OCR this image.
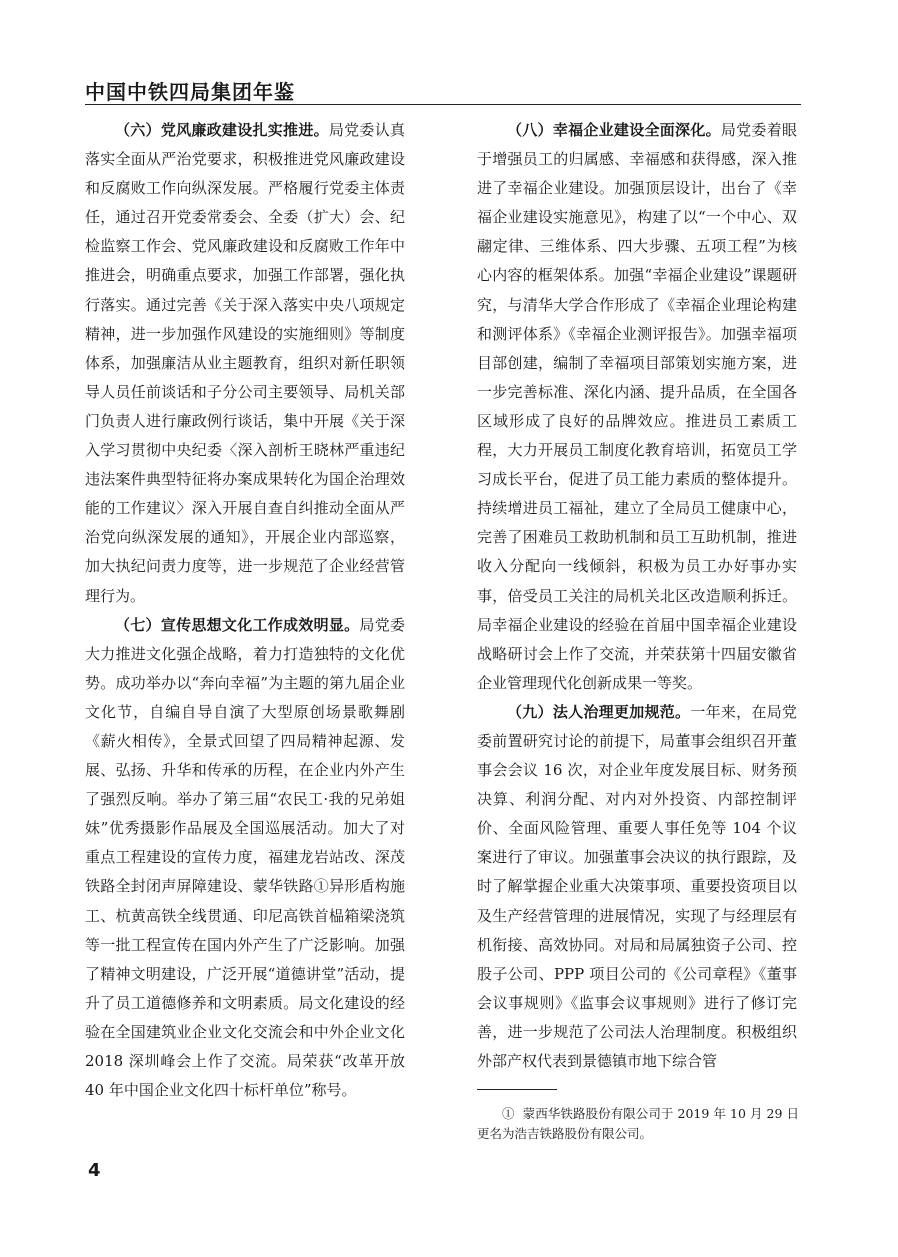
中国中铁四局集团年鉴

（六）党风廉政建设扎实推进。局党委认真落实全面从严治党要求，积极推进党风廉政建设和反腐败工作向纵深发展。严格履行党委主体责任，通过召开党委常委会、全委（扩大）会、纪检监察工作会、党风廉政建设和反腐败工作年中推进会，明确重点要求，加强工作部署，强化执行落实。通过完善《关于深入落实中央八项规定精神，进一步加强作风建设的实施细则》等制度体系，加强廉洁从业主题教育，组织对新任职领导人员任前谈话和子分公司主要领导、局机关部门负责人进行廉政例行谈话，集中开展《关于深入学习贯彻中央纪委〈深入剖析王晓林严重违纪违法案件典型特征将办案成果转化为国企治理效能的工作建议〉深入开展自查自纠推动全面从严治党向纵深发展的通知》，开展企业内部巡察，加大执纪问责力度等，进一步规范了企业经营管理行为。

（七）宣传思想文化工作成效明显。局党委大力推进文化强企战略，着力打造独特的文化优势。成功举办以“奔向幸福”为主题的第九届企业文化节，自编自导自演了大型原创场景歌舞剧《薪火相传》，全景式回望了四局精神起源、发展、弘扬、升华和传承的历程，在企业内外产生了强烈反响。举办了第三届“农民工·我的兄弟姐妹”优秀摄影作品展及全国巡展活动。加大了对重点工程建设的宣传力度，福建龙岩站改、深茂铁路全封闭声屏障建设、蒙华铁路①异形盾构施工、杭黄高铁全线贯通、印尼高铁首榀箱梁浇筑等一批工程宣传在国内外产生了广泛影响。加强了精神文明建设，广泛开展“道德讲堂”活动，提升了员工道德修养和文明素质。局文化建设的经验在全国建筑业企业文化交流会和中外企业文化 2018 深圳峰会上作了交流。局荣获“改革开放 40 年中国企业文化四十标杆单位”称号。

（八）幸福企业建设全面深化。局党委着眼于增强员工的归属感、幸福感和获得感，深入推进了幸福企业建设。加强顶层设计，出台了《幸福企业建设实施意见》，构建了以“一个中心、双翮定律、三维体系、四大步骤、五项工程”为核心内容的框架体系。加强“幸福企业建设”课题研究，与清华大学合作形成了《幸福企业理论构建和测评体系》《幸福企业测评报告》。加强幸福项目部创建，编制了幸福项目部策划实施方案，进一步完善标准、深化内涵、提升品质，在全国各区域形成了良好的品牌效应。推进员工素质工程，大力开展员工制度化教育培训，拓宽员工学习成长平台，促进了员工能力素质的整体提升。持续增进员工福祉，建立了全局员工健康中心，完善了困难员工救助机制和员工互助机制，推进收入分配向一线倾斜，积极为员工办好事办实事，倍受员工关注的局机关北区改造顺利拆迁。局幸福企业建设的经验在首届中国幸福企业建设战略研讨会上作了交流，并荣获第十四届安徽省企业管理现代化创新成果一等奖。

（九）法人治理更加规范。一年来，在局党委前置研究讨论的前提下，局董事会组织召开董事会会议 16 次，对企业年度发展目标、财务预决算、利润分配、对内对外投资、内部控制评价、全面风险管理、重要人事任免等 104 个议案进行了审议。加强董事会决议的执行跟踪，及时了解掌握企业重大决策事项、重要投资项目以及生产经营管理的进展情况，实现了与经理层有机衔接、高效协同。对局和局属独资子公司、控股子公司、PPP 项目公司的《公司章程》《董事会议事规则》《监事会议事规则》进行了修订完善，进一步规范了公司法人治理制度。积极组织外部产权代表到景德镇市地下综合管

① 蒙西华铁路股份有限公司于 2019 年 10 月 29 日更名为浩吉铁路股份有限公司。
4
